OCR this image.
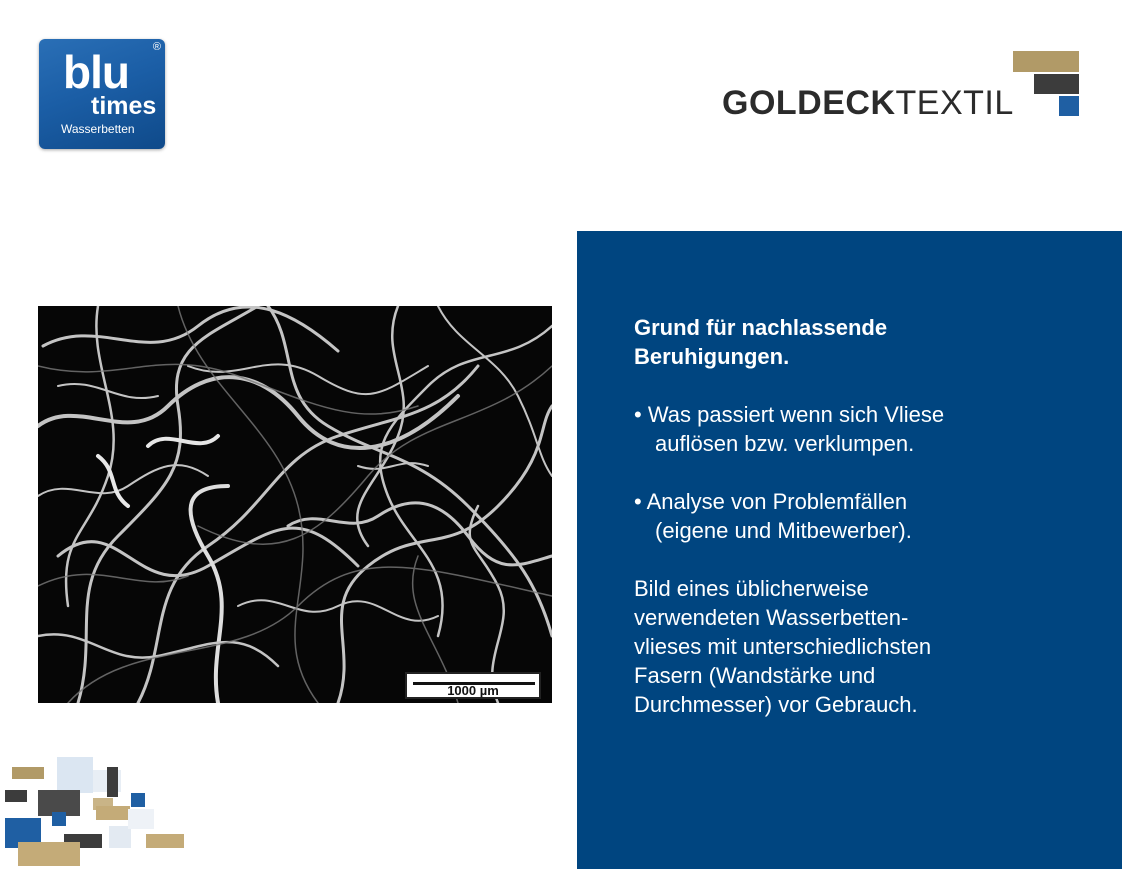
®
blu
times
Wasserbetten
GOLDECKTEXTIL
1000 µm

Grund für nachlassende

Beruhigungen.

• Was passiert wenn sich Vliese

auflösen bzw. verklumpen.

• Analyse von Problemfällen

(eigene und Mitbewerber).

Bild eines üblicherweise

verwendeten Wasserbetten-

vlieses mit unterschiedlichsten

Fasern (Wandstärke und

Durchmesser) vor Gebrauch.
